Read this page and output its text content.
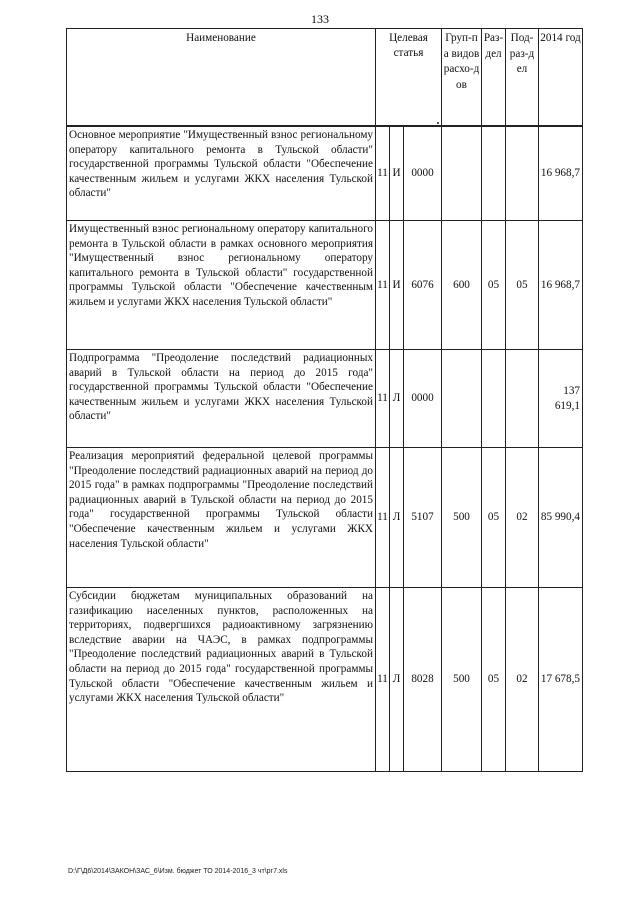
133
Наименование	Целевая статья			Груп-па видов расхо-дов	Раз-дел	Под-раз-дел	2014 год

Основное мероприятие "Имущественный взнос региональному оператору капитального ремонта в Тульской области" государственной программы Тульской области "Обеспечение качественным жильем и услугами ЖКХ населения Тульской области"	11	И	0000				16 968,7

Имущественный взнос региональному оператору капитального ремонта в Тульской области в рамках основного мероприятия "Имущественный взнос региональному оператору капитального ремонта в Тульской области" государственной программы Тульской области "Обеспечение качественным жильем и услугами ЖКХ населения Тульской области"	11	И	6076	600	05	05	16 968,7

Подпрограмма "Преодоление последствий радиационных аварий в Тульской области на период до 2015 года" государственной программы Тульской области "Обеспечение качественным жильем и услугами ЖКХ населения Тульской области"	11	Л	0000				137 619,1

Реализация мероприятий федеральной целевой программы "Преодоление последствий радиационных аварий на период до 2015 года" в рамках подпрограммы "Преодоление последствий радиационных аварий в Тульской области на период до 2015 года" государственной программы Тульской области "Обеспечение качественным жильем и услугами ЖКХ населения Тульской области"	11	Л	5107	500	05	02	85 990,4

Субсидии бюджетам муниципальных образований на газификацию населенных пунктов, расположенных на территориях, подвергшихся радиоактивному загрязнению вследствие аварии на ЧАЭС, в рамках подпрограммы "Преодоление последствий радиационных аварий в Тульской области на период до 2015 года" государственной программы Тульской области "Обеспечение качественным жильем и услугами ЖКХ населения Тульской области"	11	Л	8028	500	05	02	17 678,5
D:\Г\Д6\2014\ЗАКОН\ЗАС_6\Изм. бюджет ТО 2014-2016_3 чт\рг7.xls
